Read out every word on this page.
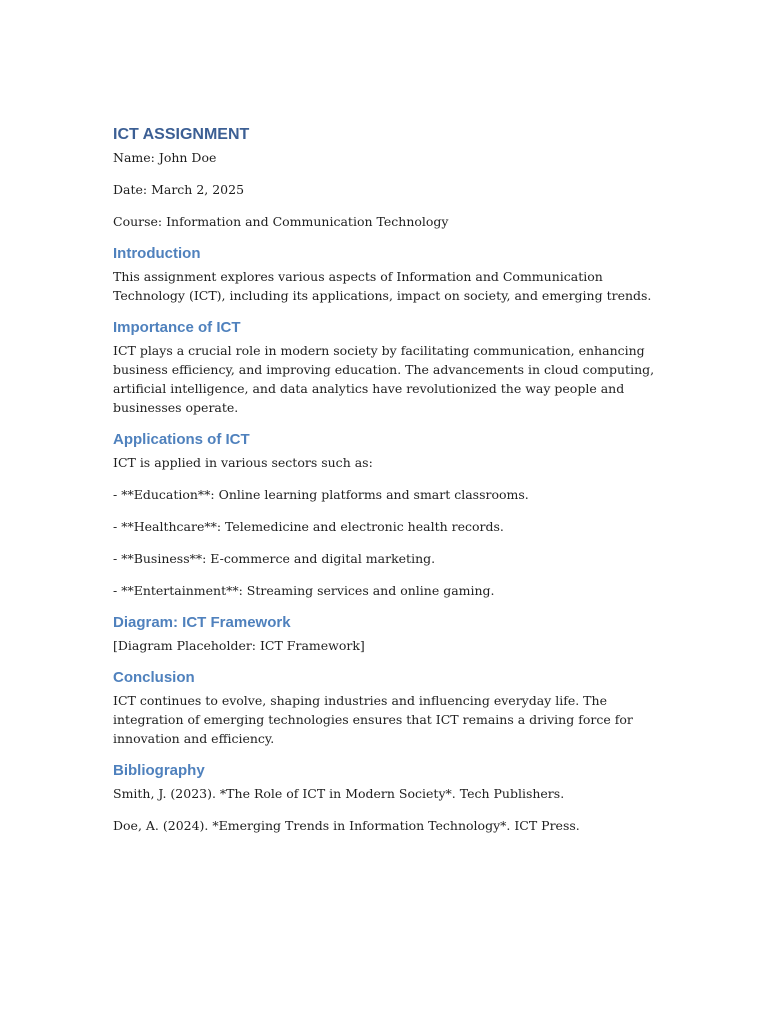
ICT ASSIGNMENT

Name: John Doe

Date: March 2, 2025

Course: Information and Communication Technology

Introduction

This assignment explores various aspects of Information and Communication Technology (ICT), including its applications, impact on society, and emerging trends.

Importance of ICT

ICT plays a crucial role in modern society by facilitating communication, enhancing business efficiency, and improving education. The advancements in cloud computing, artificial intelligence, and data analytics have revolutionized the way people and businesses operate.

Applications of ICT

ICT is applied in various sectors such as:

- **Education**: Online learning platforms and smart classrooms.
- **Healthcare**: Telemedicine and electronic health records.
- **Business**: E-commerce and digital marketing.
- **Entertainment**: Streaming services and online gaming.
Diagram: ICT Framework

[Diagram Placeholder: ICT Framework]

Conclusion

ICT continues to evolve, shaping industries and influencing everyday life. The integration of emerging technologies ensures that ICT remains a driving force for innovation and efficiency.

Bibliography

Smith, J. (2023). *The Role of ICT in Modern Society*. Tech Publishers.

Doe, A. (2024). *Emerging Trends in Information Technology*. ICT Press.
